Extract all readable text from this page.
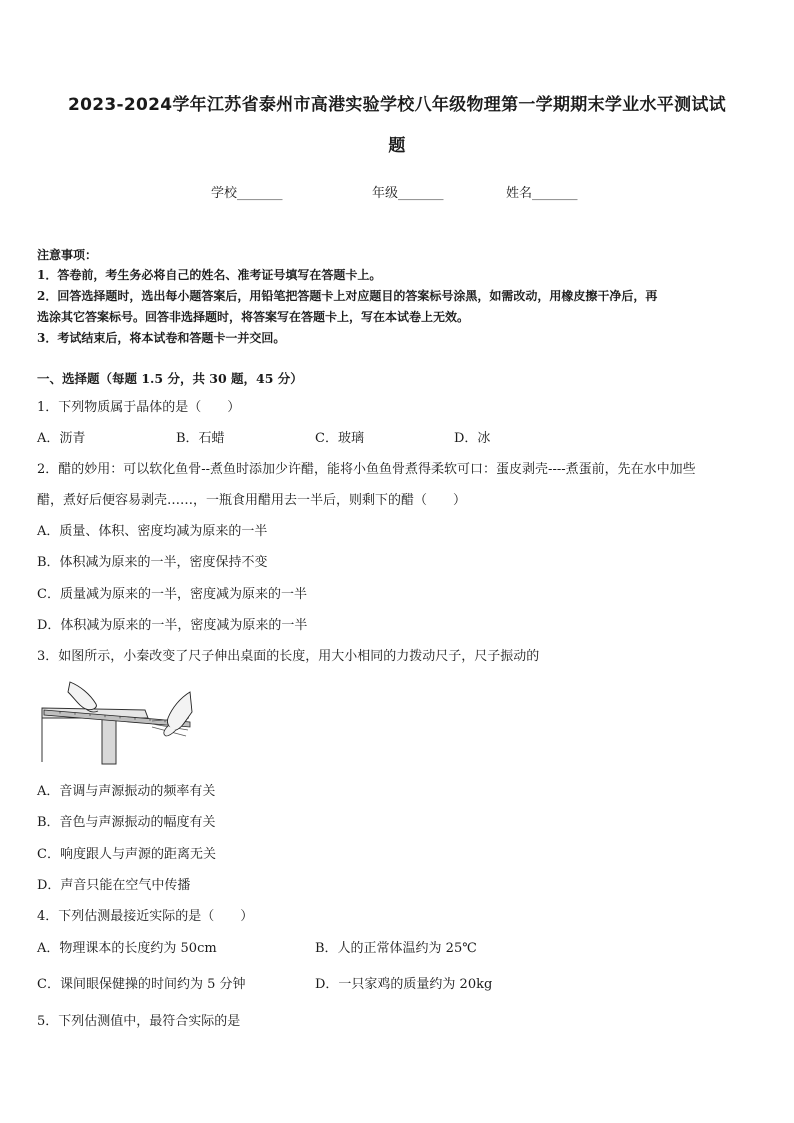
2023-2024学年江苏省泰州市高港实验学校八年级物理第一学期期末学业水平测试试
题
学校_______	年级_______	姓名_______
注意事项：
1．答卷前，考生务必将自己的姓名、准考证号填写在答题卡上。
2．回答选择题时，选出每小题答案后，用铅笔把答题卡上对应题目的答案标号涂黑，如需改动，用橡皮擦干净后，再
选涂其它答案标号。回答非选择题时，将答案写在答题卡上，写在本试卷上无效。
3．考试结束后，将本试卷和答题卡一并交回。
一、选择题（每题 1.5 分，共 30 题，45 分）
1．下列物质属于晶体的是（　　）
A．沥青	B．石蜡	C．玻璃	D．冰
2．醋的妙用：可以软化鱼骨--煮鱼时添加少许醋，能将小鱼鱼骨煮得柔软可口：蛋皮剥壳----煮蛋前，先在水中加些
醋，煮好后便容易剥壳……，一瓶食用醋用去一半后，则剩下的醋（　　）
A．质量、体积、密度均减为原来的一半
B．体积减为原来的一半，密度保持不变
C．质量减为原来的一半，密度减为原来的一半
D．体积减为原来的一半，密度减为原来的一半
3．如图所示，小秦改变了尺子伸出桌面的长度，用大小相同的力拨动尺子，尺子振动的
A．音调与声源振动的频率有关
B．音色与声源振动的幅度有关
C．响度跟人与声源的距离无关
D．声音只能在空气中传播
4．下列估测最接近实际的是（　　）
A．物理课本的长度约为 50cm	B．人的正常体温约为 25℃
C．课间眼保健操的时间约为 5 分钟	D．一只家鸡的质量约为 20kg
5．下列估测值中，最符合实际的是
